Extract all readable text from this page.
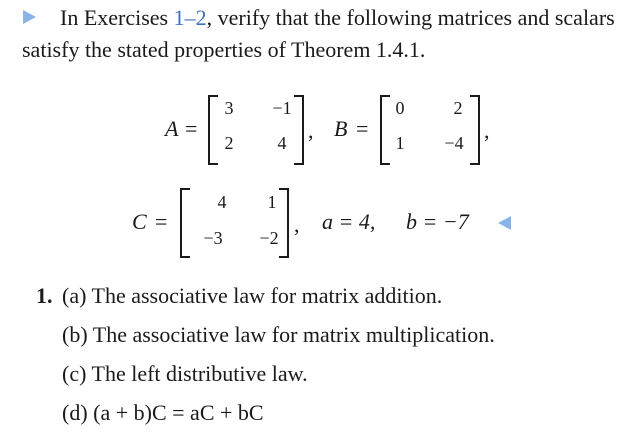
In Exercises 1–2, verify that the following matrices and scalars
satisfy the stated properties of Theorem 1.4.1.
A =
3	−1
2	4 , B =
0	2
1	−4 ,
C =
4	1
−3 −2
, a = 4, b = −7
1. (a) The associative law for matrix addition.
(b) The associative law for matrix multiplication.
(c) The left distributive law.
(d) (a + b)C = aC + bC
